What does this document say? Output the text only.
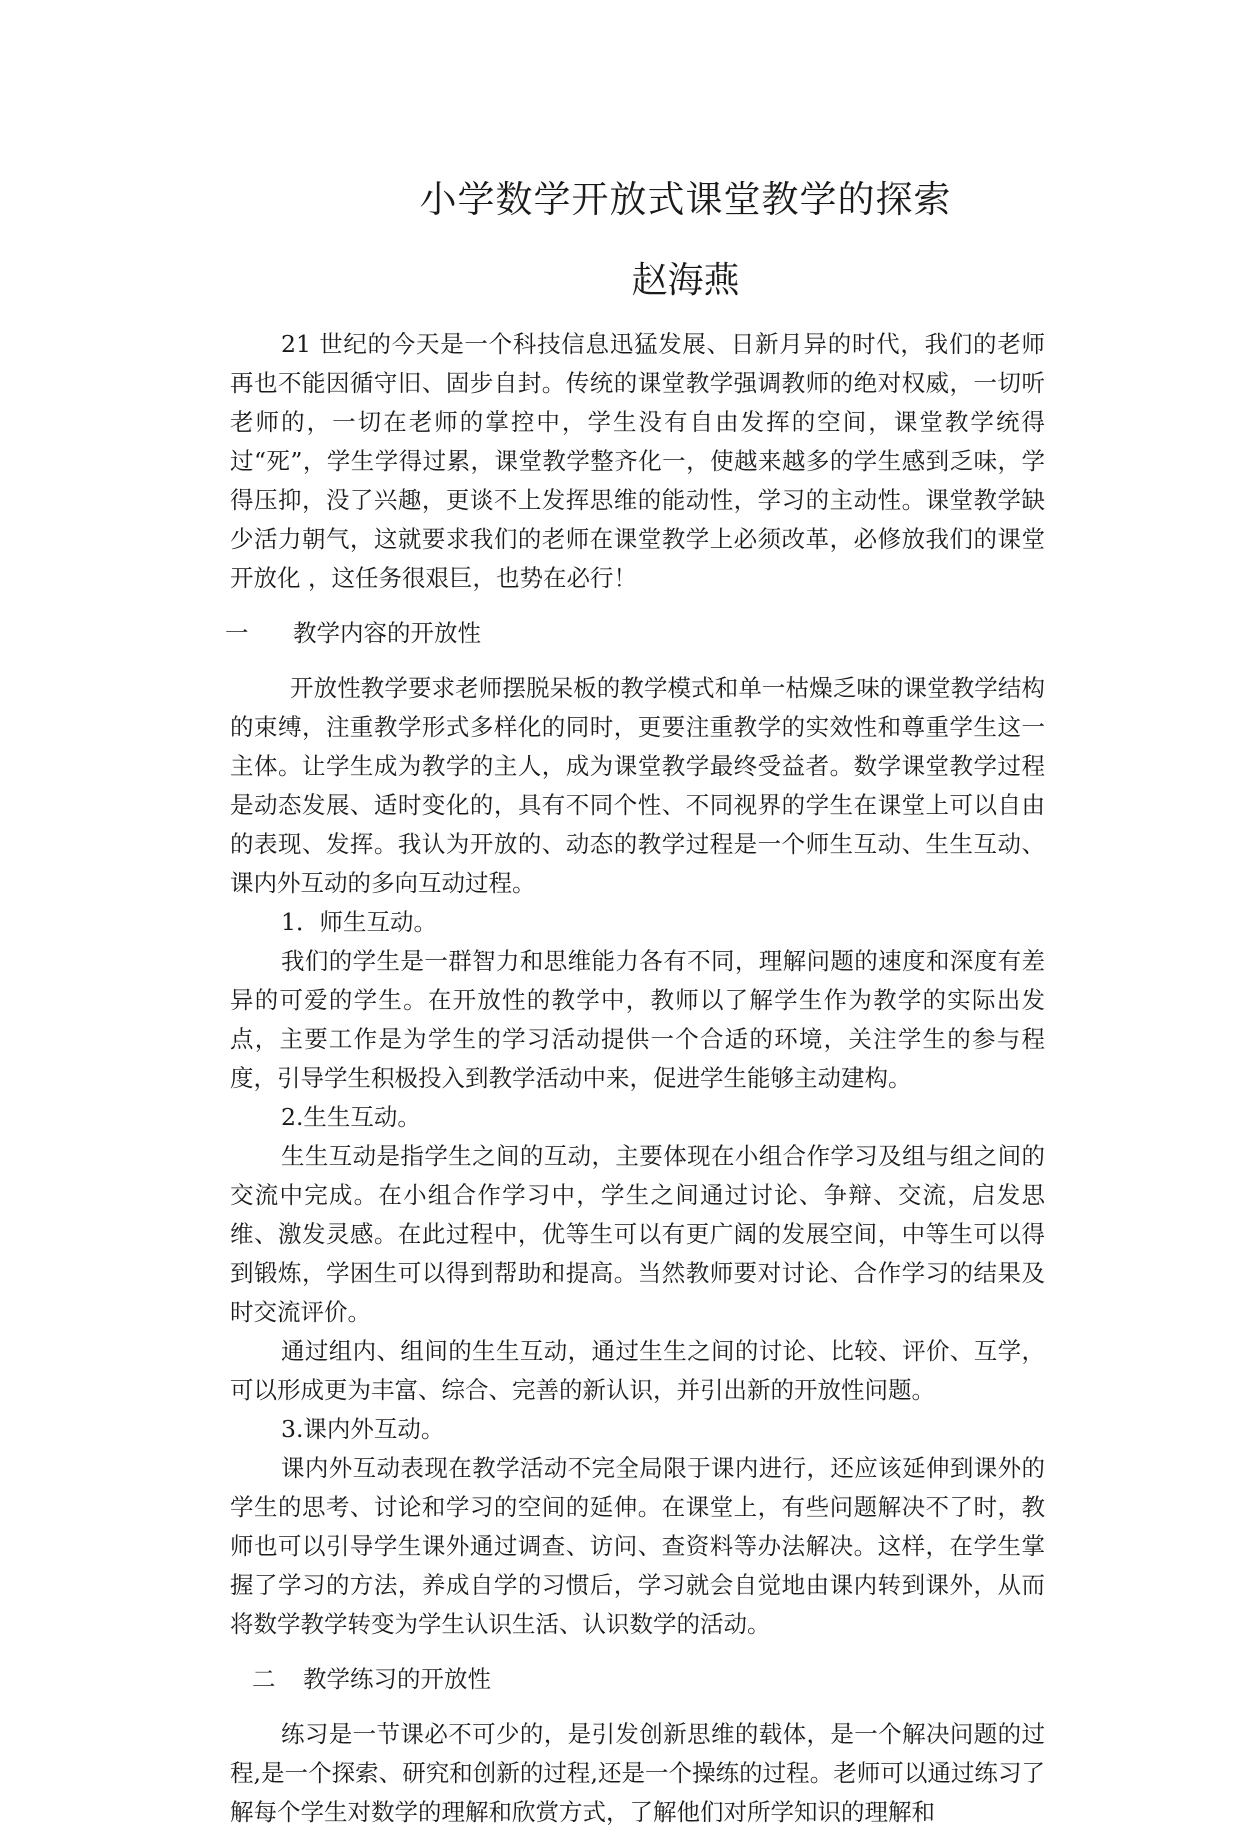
小学数学开放式课堂教学的探索
赵海燕

21 世纪的今天是一个科技信息迅猛发展、日新月异的时代，我们的老师再也不能因循守旧、固步自封。传统的课堂教学强调教师的绝对权威，一切听老师的，一切在老师的掌控中，学生没有自由发挥的空间，课堂教学统得过“死”，学生学得过累，课堂教学整齐化一，使越来越多的学生感到乏味，学得压抑，没了兴趣，更谈不上发挥思维的能动性，学习的主动性。课堂教学缺少活力朝气，这就要求我们的老师在课堂教学上必须改革，必修放我们的课堂开放化 ，这任务很艰巨，也势在必行！

一 教学内容的开放性

开放性教学要求老师摆脱呆板的教学模式和单一枯燥乏味的课堂教学结构的束缚，注重教学形式多样化的同时，更要注重教学的实效性和尊重学生这一主体。让学生成为教学的主人，成为课堂教学最终受益者。数学课堂教学过程是动态发展、适时变化的，具有不同个性、不同视界的学生在课堂上可以自由的表现、发挥。我认为开放的、动态的教学过程是一个师生互动、生生互动、课内外互动的多向互动过程。

1．师生互动。

我们的学生是一群智力和思维能力各有不同，理解问题的速度和深度有差异的可爱的学生。在开放性的教学中，教师以了解学生作为教学的实际出发点，主要工作是为学生的学习活动提供一个合适的环境，关注学生的参与程度，引导学生积极投入到教学活动中来，促进学生能够主动建构。

2.生生互动。

生生互动是指学生之间的互动，主要体现在小组合作学习及组与组之间的交流中完成。在小组合作学习中，学生之间通过讨论、争辩、交流，启发思维、激发灵感。在此过程中，优等生可以有更广阔的发展空间，中等生可以得到锻炼，学困生可以得到帮助和提高。当然教师要对讨论、合作学习的结果及时交流评价。

通过组内、组间的生生互动，通过生生之间的讨论、比较、评价、互学，可以形成更为丰富、综合、完善的新认识，并引出新的开放性问题。

3.课内外互动。

课内外互动表现在教学活动不完全局限于课内进行，还应该延伸到课外的学生的思考、讨论和学习的空间的延伸。在课堂上，有些问题解决不了时，教师也可以引导学生课外通过调查、访问、查资料等办法解决。这样，在学生掌握了学习的方法，养成自学的习惯后，学习就会自觉地由课内转到课外，从而将数学教学转变为学生认识生活、认识数学的活动。

二 教学练习的开放性

练习是一节课必不可少的，是引发创新思维的载体，是一个解决问题的过程,是一个探索、研究和创新的过程,还是一个操练的过程。老师可以通过练习了解每个学生对数学的理解和欣赏方式，了解他们对所学知识的理解和
